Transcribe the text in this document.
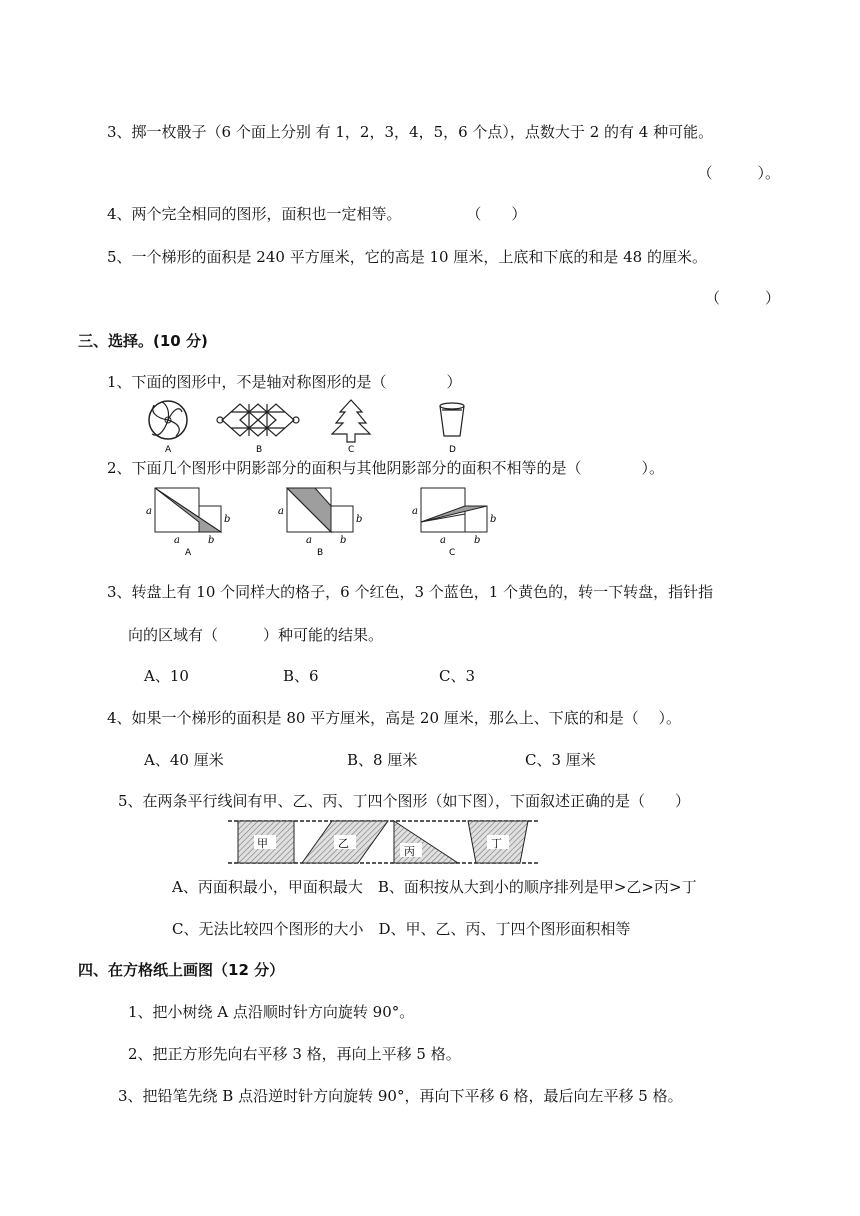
3、掷一枚骰子（6 个面上分别 有 1，2，3，4，5，6 个点），点数大于 2 的有 4 种可能。
（　　　）。
4、两个完全相同的图形，面积也一定相等。	（　　）
5、一个梯形的面积是 240 平方厘米，它的高是 10 厘米，上底和下底的和是 48 的厘米。
（　　　）
三、选择。(10 分)
1、下面的图形中，不是轴对称图形的是（　　　　）
A	B	C	D
2、下面几个图形中阴影部分的面积与其他阴影部分的面积不相等的是（　　　　）。
a
b
a	b
A
a
b
a	b
B
a
b
a	b
C
3、转盘上有 10 个同样大的格子，6 个红色，3 个蓝色，1 个黄色的，转一下转盘，指针指
向的区域有（　　　）种可能的结果。
A、10	B、6	C、3
4、如果一个梯形的面积是 80 平方厘米，高是 20 厘米，那么上、下底的和是（　 ）。
A、40 厘米	B、8 厘米	C、3 厘米
5、在两条平行线间有甲、乙、丙、丁四个图形（如下图），下面叙述正确的是（　　）
甲	乙
丙
丁
A、丙面积最小，甲面积最大　B、面积按从大到小的顺序排列是甲>乙>丙>丁
C、无法比较四个图形的大小　D、甲、乙、丙、丁四个图形面积相等
四、在方格纸上画图（12 分）
1、把小树绕 A 点沿顺时针方向旋转 90°。
2、把正方形先向右平移 3 格，再向上平移 5 格。
3、把铅笔先绕 B 点沿逆时针方向旋转 90°，再向下平移 6 格，最后向左平移 5 格。
